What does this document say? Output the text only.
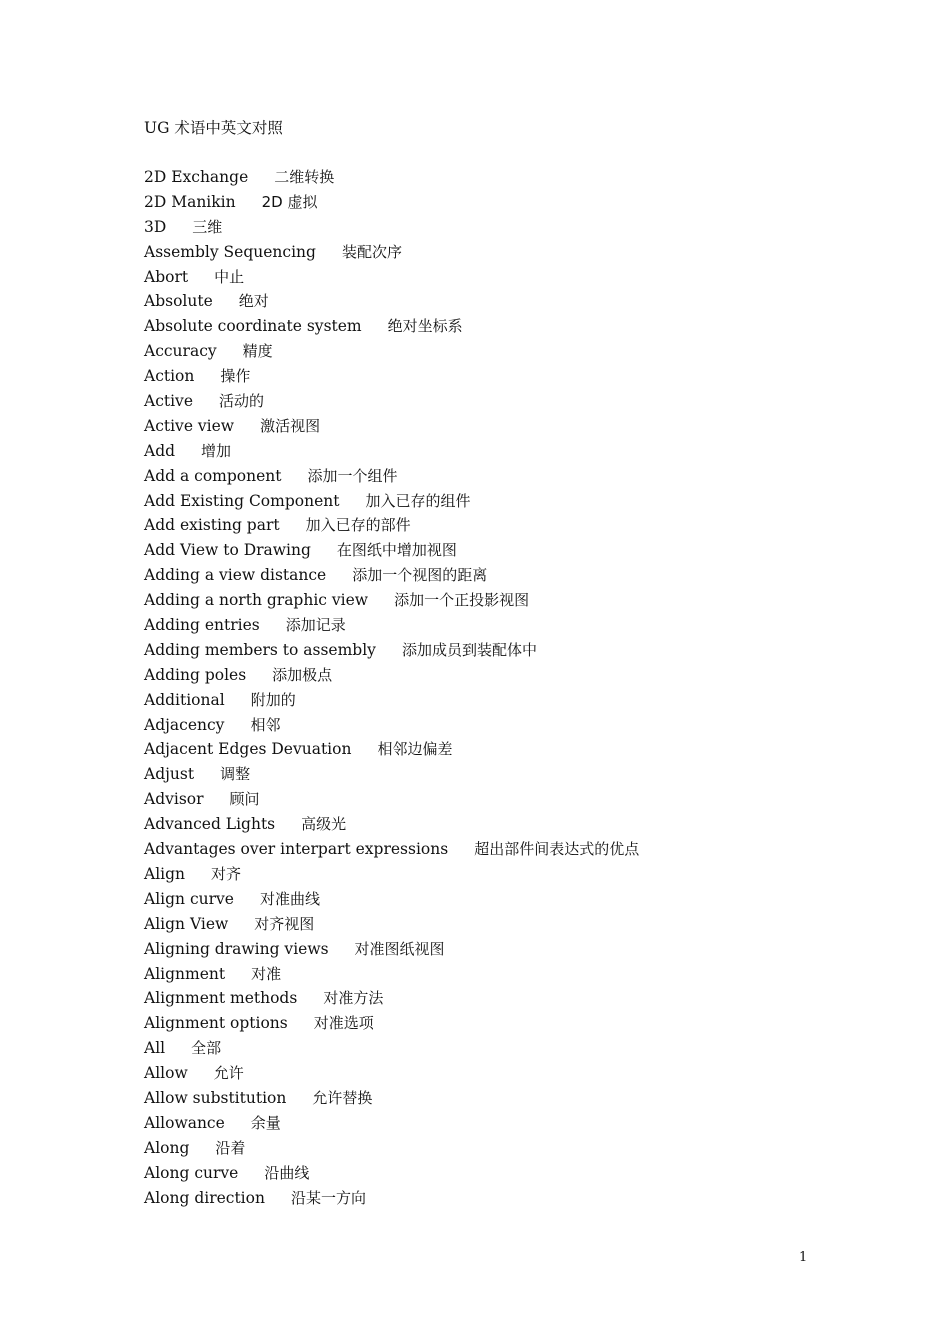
UG 术语中英文对照
2D Exchange 二维转换
2D Manikin 2D 虚拟
3D 三维
Assembly Sequencing 装配次序
Abort 中止
Absolute 绝对
Absolute coordinate system 绝对坐标系
Accuracy 精度
Action 操作
Active 活动的
Active view 激活视图
Add 增加
Add a component 添加一个组件
Add Existing Component 加入已存的组件
Add existing part 加入已存的部件
Add View to Drawing 在图纸中增加视图
Adding a view distance 添加一个视图的距离
Adding a north graphic view 添加一个正投影视图
Adding entries 添加记录
Adding members to assembly 添加成员到装配体中
Adding poles 添加极点
Additional 附加的
Adjacency 相邻
Adjacent Edges Devuation 相邻边偏差
Adjust 调整
Advisor 顾问
Advanced Lights 高级光
Advantages over interpart expressions 超出部件间表达式的优点
Align 对齐
Align curve 对准曲线
Align View 对齐视图
Aligning drawing views 对准图纸视图
Alignment 对准
Alignment methods 对准方法
Alignment options 对准选项
All 全部
Allow 允许
Allow substitution 允许替换
Allowance 余量
Along 沿着
Along curve 沿曲线
Along direction 沿某一方向
1
